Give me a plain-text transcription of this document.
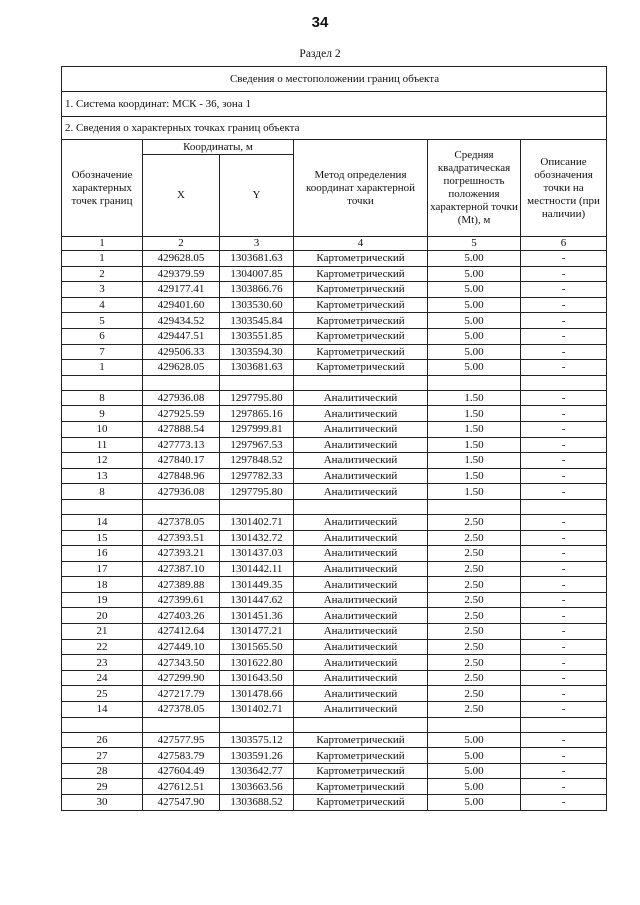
34
Раздел 2
Сведения о местоположении границ объекта					
1. Система координат: МСК - 36, зона 1					
2. Сведения о характерных точках границ объекта					
Обозначение характерных точек границ	Координаты, м		Метод определения координат характерной точки	Средняя квадратическая погрешность положения характерной точки (Mt), м	Описание обозначения точки на местности (при наличии)
	X	Y			
1	2	3	4	5	6
1	429628.05	1303681.63	Картометрический	5.00	-
2	429379.59	1304007.85	Картометрический	5.00	-
3	429177.41	1303866.76	Картометрический	5.00	-
4	429401.60	1303530.60	Картометрический	5.00	-
5	429434.52	1303545.84	Картометрический	5.00	-
6	429447.51	1303551.85	Картометрический	5.00	-
7	429506.33	1303594.30	Картометрический	5.00	-
1	429628.05	1303681.63	Картометрический	5.00	-

8	427936.08	1297795.80	Аналитический	1.50	-
9	427925.59	1297865.16	Аналитический	1.50	-
10	427888.54	1297999.81	Аналитический	1.50	-
11	427773.13	1297967.53	Аналитический	1.50	-
12	427840.17	1297848.52	Аналитический	1.50	-
13	427848.96	1297782.33	Аналитический	1.50	-
8	427936.08	1297795.80	Аналитический	1.50	-

14	427378.05	1301402.71	Аналитический	2.50	-
15	427393.51	1301432.72	Аналитический	2.50	-
16	427393.21	1301437.03	Аналитический	2.50	-
17	427387.10	1301442.11	Аналитический	2.50	-
18	427389.88	1301449.35	Аналитический	2.50	-
19	427399.61	1301447.62	Аналитический	2.50	-
20	427403.26	1301451.36	Аналитический	2.50	-
21	427412.64	1301477.21	Аналитический	2.50	-
22	427449.10	1301565.50	Аналитический	2.50	-
23	427343.50	1301622.80	Аналитический	2.50	-
24	427299.90	1301643.50	Аналитический	2.50	-
25	427217.79	1301478.66	Аналитический	2.50	-
14	427378.05	1301402.71	Аналитический	2.50	-

26	427577.95	1303575.12	Картометрический	5.00	-
27	427583.79	1303591.26	Картометрический	5.00	-
28	427604.49	1303642.77	Картометрический	5.00	-
29	427612.51	1303663.56	Картометрический	5.00	-
30	427547.90	1303688.52	Картометрический	5.00	-
